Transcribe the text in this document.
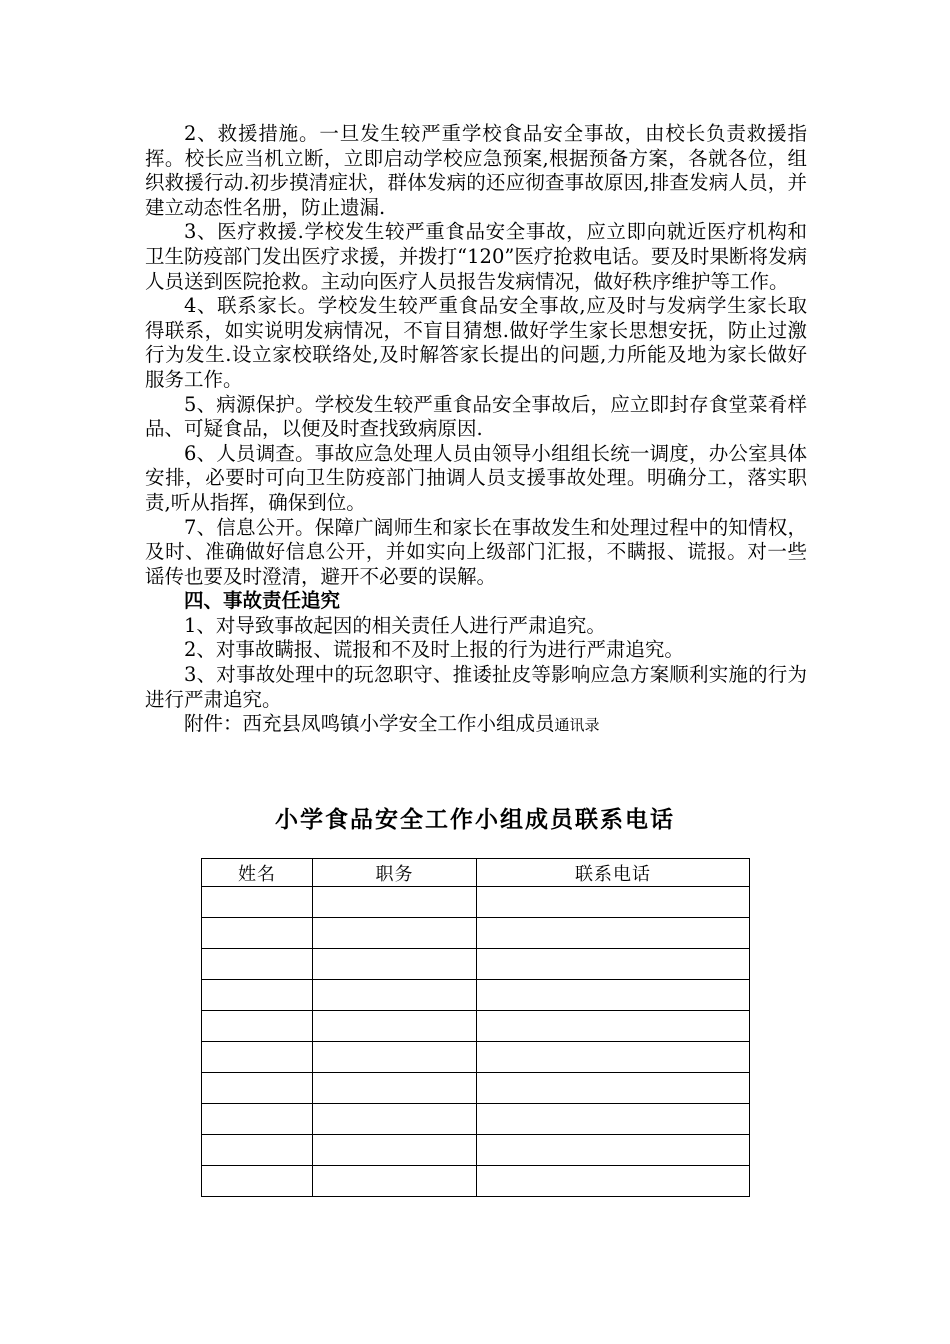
2、救援措施。一旦发生较严重学校食品安全事故，由校长负责救援指挥。校长应当机立断，立即启动学校应急预案,根据预备方案，各就各位，组织救援行动.初步摸清症状，群体发病的还应彻查事故原因,排查发病人员，并建立动态性名册，防止遗漏.

3、医疗救援.学校发生较严重食品安全事故，应立即向就近医疗机构和卫生防疫部门发出医疗求援，并拨打“120”医疗抢救电话。要及时果断将发病人员送到医院抢救。主动向医疗人员报告发病情况，做好秩序维护等工作。

4、联系家长。学校发生较严重食品安全事故,应及时与发病学生家长取得联系，如实说明发病情况，不盲目猜想.做好学生家长思想安抚，防止过激行为发生.设立家校联络处,及时解答家长提出的问题,力所能及地为家长做好服务工作。

5、病源保护。学校发生较严重食品安全事故后，应立即封存食堂菜肴样品、可疑食品，以便及时查找致病原因.

6、人员调查。事故应急处理人员由领导小组组长统一调度，办公室具体安排，必要时可向卫生防疫部门抽调人员支援事故处理。明确分工，落实职责,听从指挥，确保到位。

7、信息公开。保障广阔师生和家长在事故发生和处理过程中的知情权，及时、准确做好信息公开，并如实向上级部门汇报，不瞒报、谎报。对一些谣传也要及时澄清，避开不必要的误解。

四、事故责任追究

1、对导致事故起因的相关责任人进行严肃追究。

2、对事故瞒报、谎报和不及时上报的行为进行严肃追究。

3、对事故处理中的玩忽职守、推诿扯皮等影响应急方案顺利实施的行为进行严肃追究。

附件：西充县凤鸣镇小学安全工作小组成员通讯录

小学食品安全工作小组成员联系电话
姓名	职务	联系电话
